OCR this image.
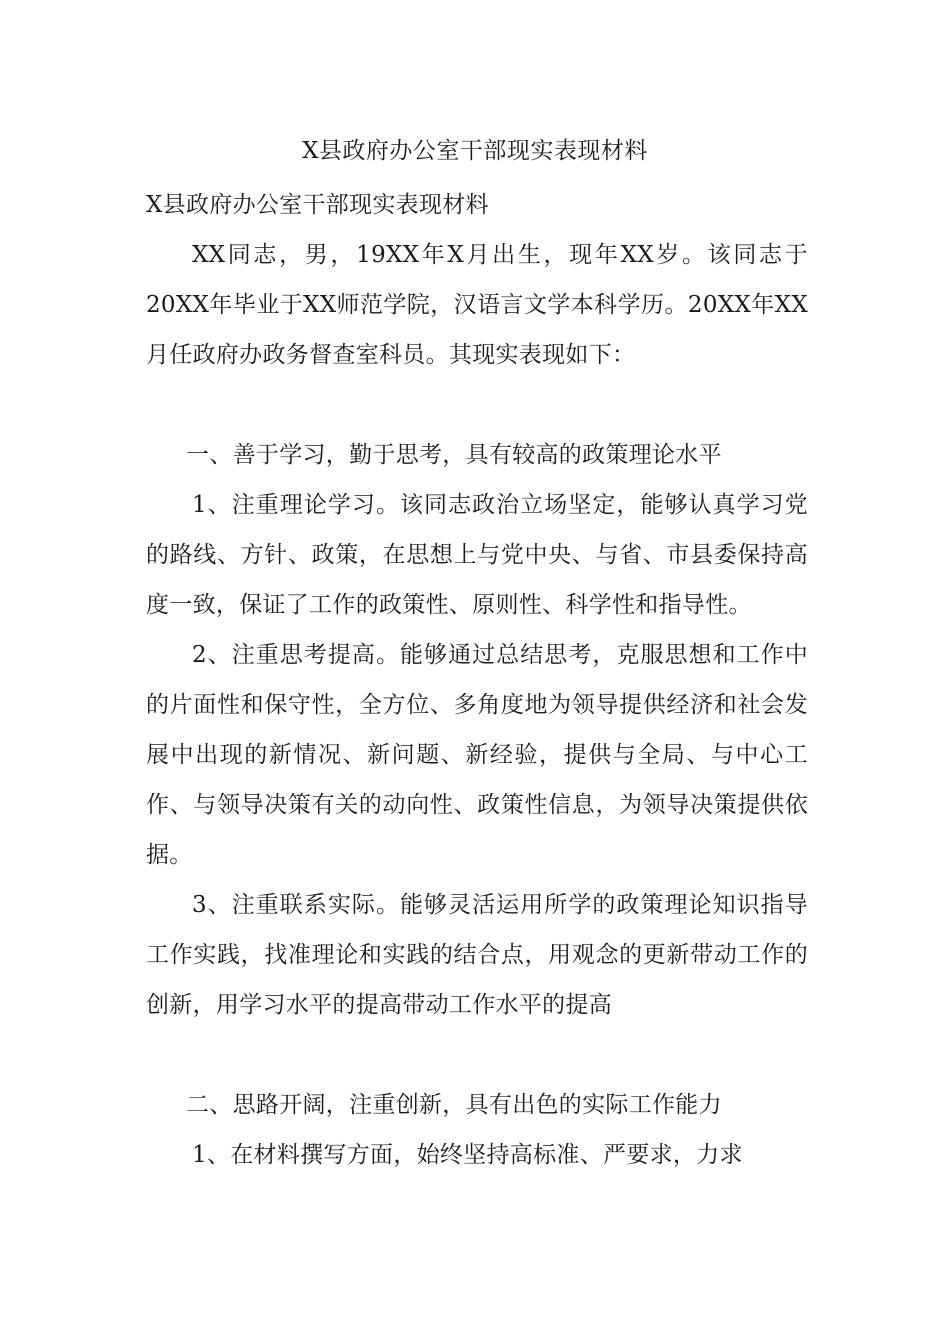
X县政府办公室干部现实表现材料

X县政府办公室干部现实表现材料

XX同志，男，19XX年X月出生，现年XX岁。该同志于20XX年毕业于XX师范学院，汉语言文学本科学历。20XX年XX月任政府办政务督查室科员。其现实表现如下：

一、善于学习，勤于思考，具有较高的政策理论水平

1、注重理论学习。该同志政治立场坚定，能够认真学习党的路线、方针、政策，在思想上与党中央、与省、市县委保持高度一致，保证了工作的政策性、原则性、科学性和指导性。

2、注重思考提高。能够通过总结思考，克服思想和工作中的片面性和保守性，全方位、多角度地为领导提供经济和社会发展中出现的新情况、新问题、新经验，提供与全局、与中心工作、与领导决策有关的动向性、政策性信息，为领导决策提供依据。

3、注重联系实际。能够灵活运用所学的政策理论知识指导工作实践，找准理论和实践的结合点，用观念的更新带动工作的创新，用学习水平的提高带动工作水平的提高

二、思路开阔，注重创新，具有出色的实际工作能力

1、在材料撰写方面，始终坚持高标准、严要求，力求
